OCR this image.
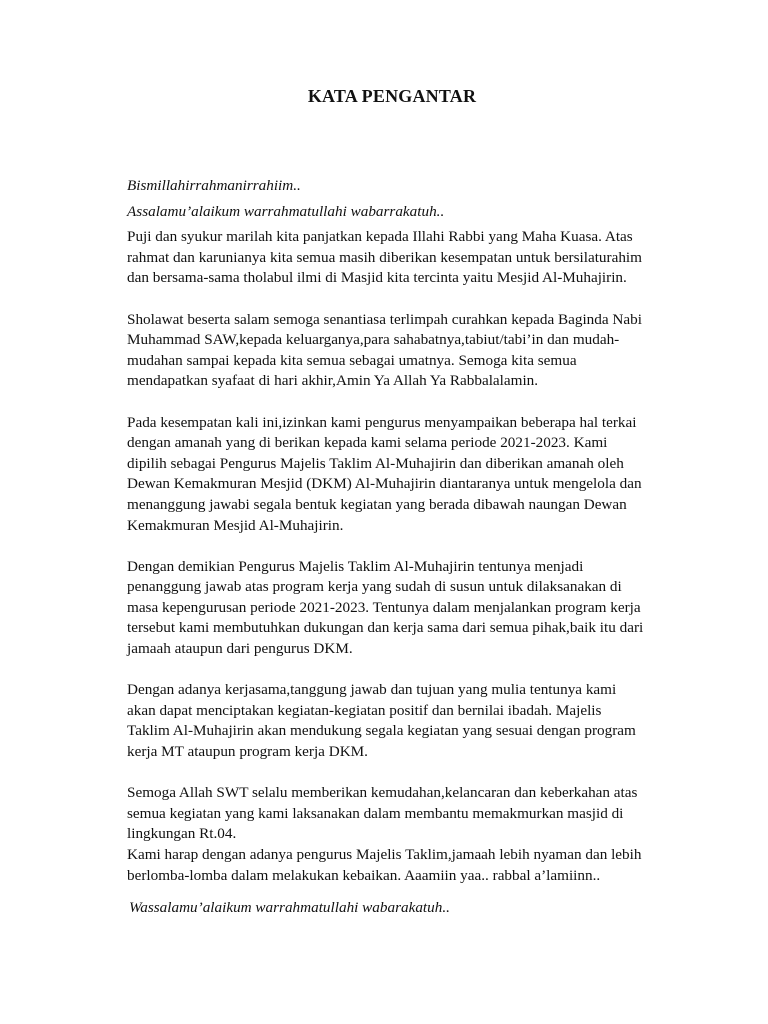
KATA PENGANTAR
Bismillahirrahmanirrahiim..
Assalamu’alaikum warrahmatullahi wabarrakatuh..
Puji dan syukur marilah kita panjatkan kepada Illahi Rabbi yang Maha Kuasa. Atas
rahmat dan karunianya kita semua masih diberikan kesempatan untuk bersilaturahim
dan bersama-sama tholabul ilmi di Masjid kita tercinta yaitu Mesjid Al-Muhajirin.
Sholawat beserta salam semoga senantiasa terlimpah curahkan kepada Baginda Nabi
Muhammad SAW,kepada keluarganya,para sahabatnya,tabiut/tabi’in dan mudah-
mudahan sampai kepada kita semua sebagai umatnya. Semoga kita semua
mendapatkan syafaat di hari akhir,Amin Ya Allah Ya Rabbalalamin.
Pada kesempatan kali ini,izinkan kami pengurus menyampaikan beberapa hal terkai
dengan amanah yang di berikan kepada kami selama periode 2021-2023. Kami
dipilih sebagai Pengurus Majelis Taklim Al-Muhajirin dan diberikan amanah oleh
Dewan Kemakmuran Mesjid (DKM) Al-Muhajirin diantaranya untuk mengelola dan
menanggung jawabi segala bentuk kegiatan yang berada dibawah naungan Dewan
Kemakmuran Mesjid Al-Muhajirin.
Dengan demikian Pengurus Majelis Taklim Al-Muhajirin tentunya menjadi
penanggung jawab atas program kerja yang sudah di susun untuk dilaksanakan di
masa kepengurusan periode 2021-2023. Tentunya dalam menjalankan program kerja
tersebut kami membutuhkan dukungan dan kerja sama dari semua pihak,baik itu dari
jamaah ataupun dari pengurus DKM.
Dengan adanya kerjasama,tanggung jawab dan tujuan yang mulia tentunya kami
akan dapat menciptakan kegiatan-kegiatan positif dan bernilai ibadah. Majelis
Taklim Al-Muhajirin akan mendukung segala kegiatan yang sesuai dengan program
kerja MT ataupun program kerja DKM.
Semoga Allah SWT selalu memberikan kemudahan,kelancaran dan keberkahan atas
semua kegiatan yang kami laksanakan dalam membantu memakmurkan masjid di
lingkungan Rt.04.
Kami harap dengan adanya pengurus Majelis Taklim,jamaah lebih nyaman dan lebih
berlomba-lomba dalam melakukan kebaikan. Aaamiin yaa.. rabbal a’lamiinn..
Wassalamu’alaikum warrahmatullahi wabarakatuh..
